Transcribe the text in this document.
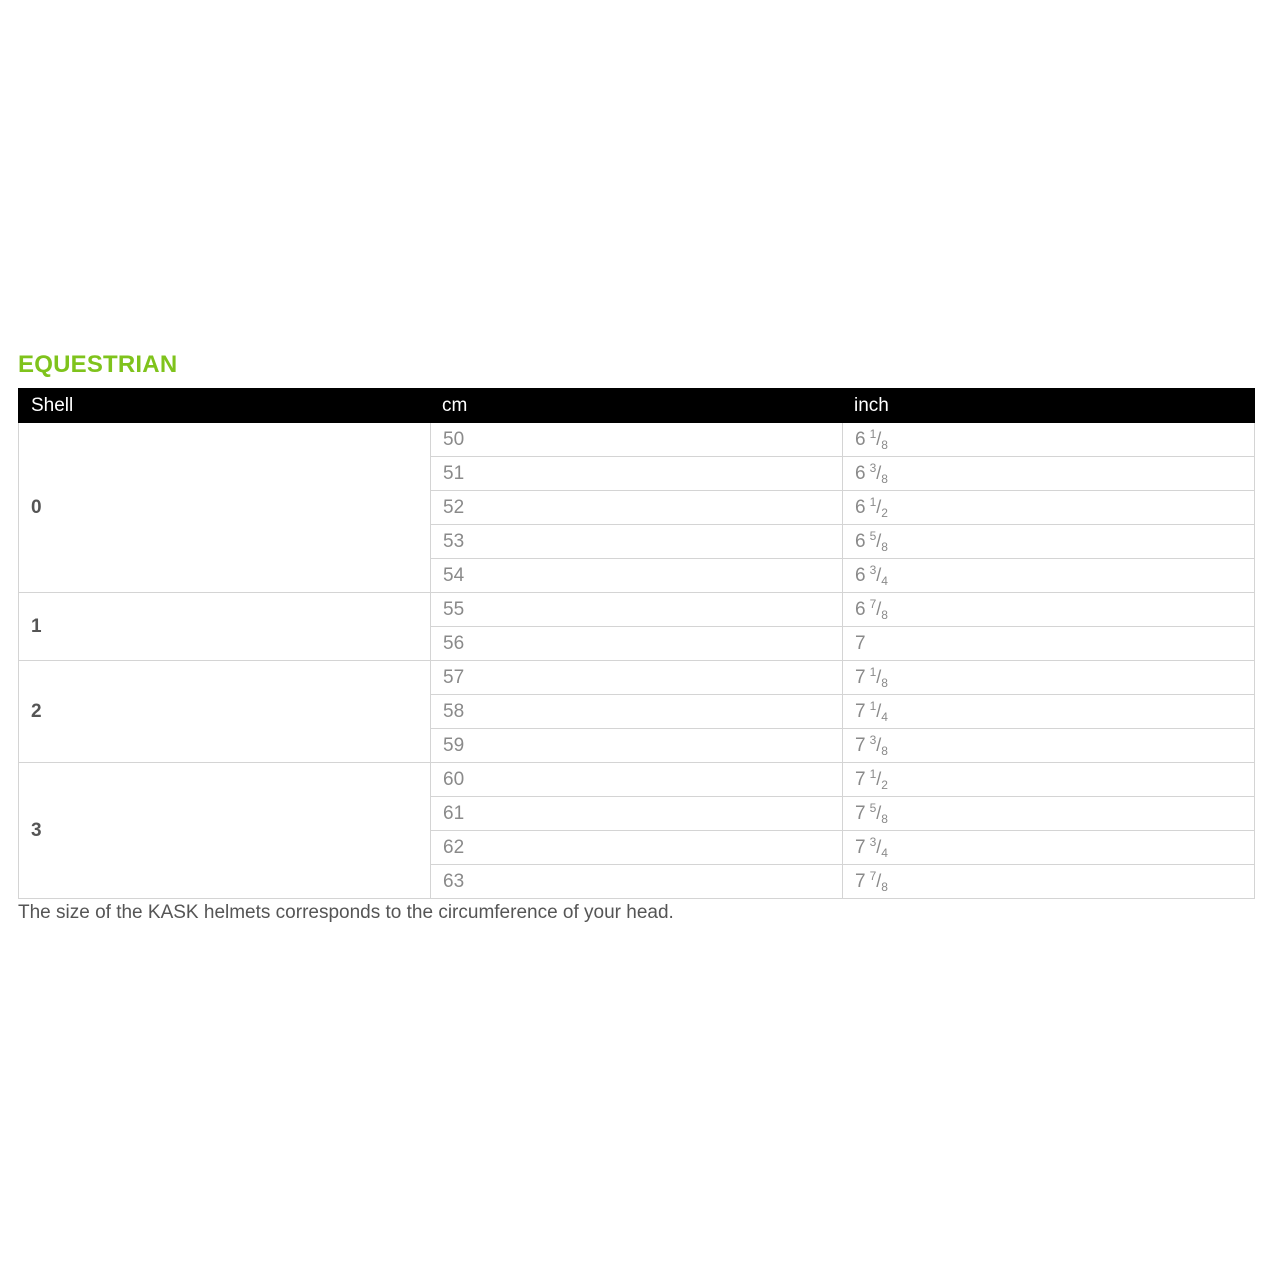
EQUESTRIAN
Shell	cm	inch
0	50	6 $^1/_8$
	51	6 $^3/_8$
	52	6 $^1/_2$
	53	6 $^5/_8$
	54	6 $^3/_4$
1	55	6 $^7/_8$
	56	7
2	57	7 $^1/_8$
	58	7 $^1/_4$
	59	7 $^3/_8$
3	60	7 $^1/_2$
	61	7 $^5/_8$
	62	7 $^3/_4$
	63	7 $^7/_8$

The size of the KASK helmets corresponds to the circumference of your head.
